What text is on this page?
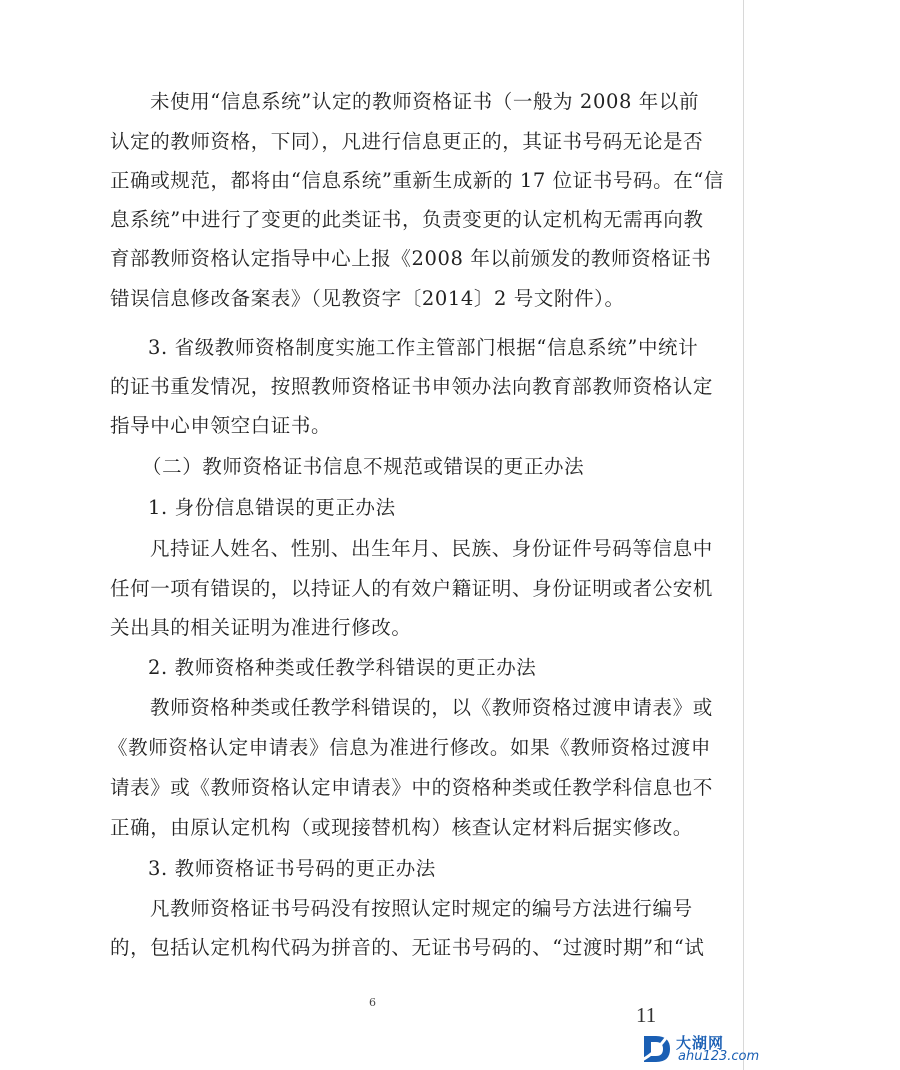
未使用“信息系统”认定的教师资格证书（一般为 2008 年以前
认定的教师资格，下同），凡进行信息更正的，其证书号码无论是否
正确或规范，都将由“信息系统”重新生成新的 17 位证书号码。在“信
息系统”中进行了变更的此类证书，负责变更的认定机构无需再向教
育部教师资格认定指导中心上报《2008 年以前颁发的教师资格证书
错误信息修改备案表》（见教资字〔2014〕2 号文附件）。
3. 省级教师资格制度实施工作主管部门根据“信息系统”中统计
的证书重发情况，按照教师资格证书申领办法向教育部教师资格认定
指导中心申领空白证书。
（二）教师资格证书信息不规范或错误的更正办法
1. 身份信息错误的更正办法
凡持证人姓名、性别、出生年月、民族、身份证件号码等信息中
任何一项有错误的，以持证人的有效户籍证明、身份证明或者公安机
关出具的相关证明为准进行修改。
2. 教师资格种类或任教学科错误的更正办法
教师资格种类或任教学科错误的，以《教师资格过渡申请表》或
《教师资格认定申请表》信息为准进行修改。如果《教师资格过渡申
请表》或《教师资格认定申请表》中的资格种类或任教学科信息也不
正确，由原认定机构（或现接替机构）核查认定材料后据实修改。
3. 教师资格证书号码的更正办法
凡教师资格证书号码没有按照认定时规定的编号方法进行编号
的，包括认定机构代码为拼音的、无证书号码的、“过渡时期”和“试
6
11
大湖网
ahu123.com
